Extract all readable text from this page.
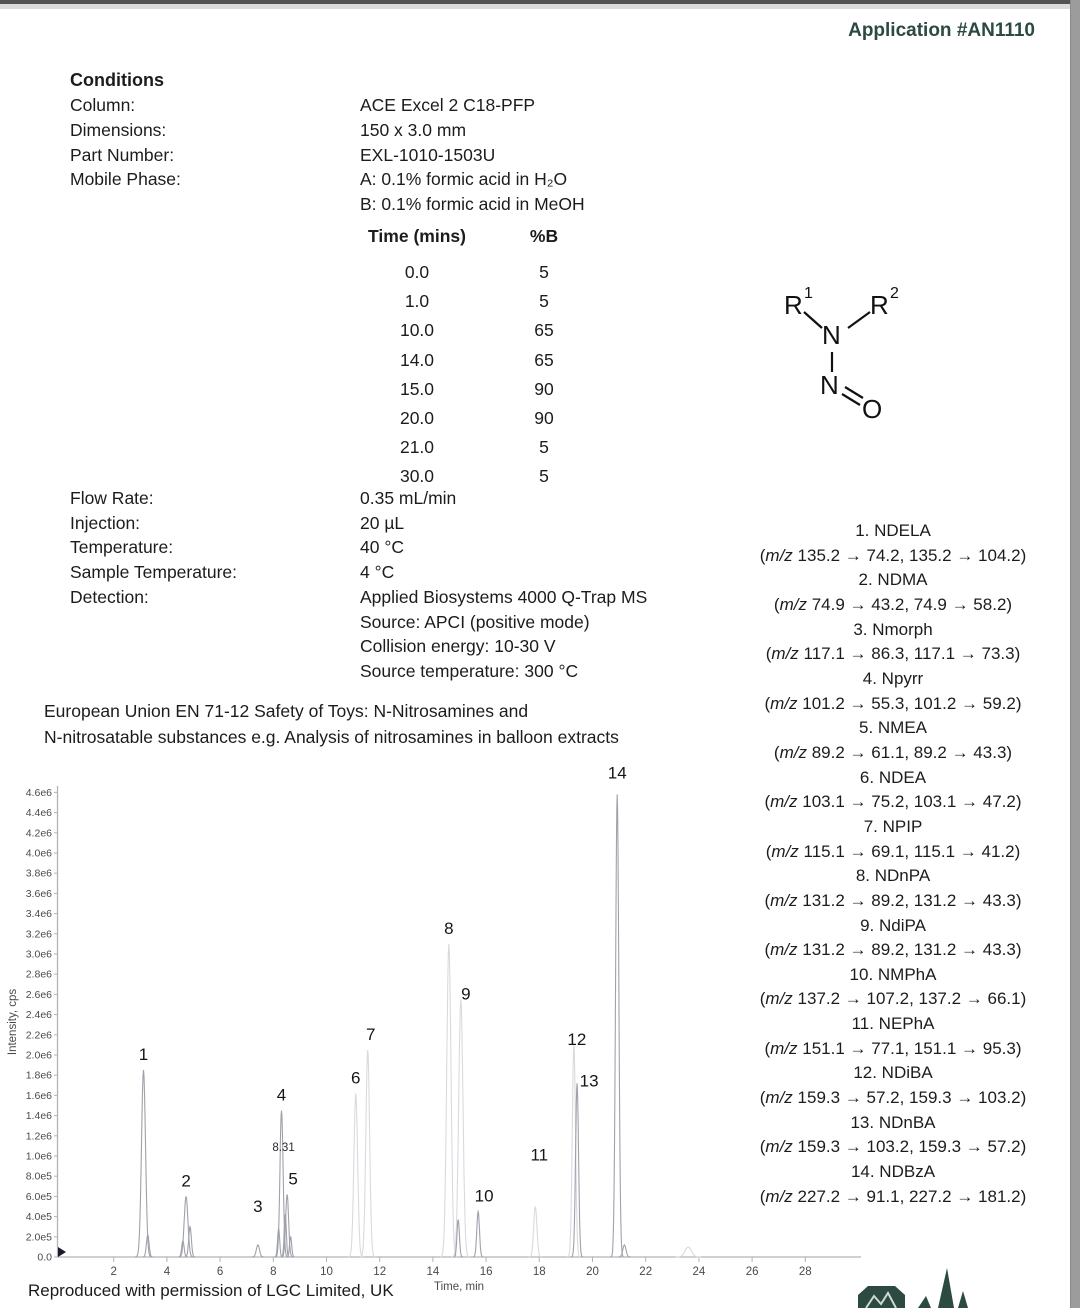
Application #AN1110
Conditions
Column:	ACE Excel 2 C18-PFP
Dimensions:	150 x 3.0 mm
Part Number:	EXL-1010-1503U
Mobile Phase:	A: 0.1% formic acid in H₂O
B: 0.1% formic acid in MeOH
Time (mins)	%B
0.0	5
1.0	5
10.0	65
14.0	65
15.0	90
20.0	90
21.0	5
30.0	5
Flow Rate:	0.35 mL/min
Injection:	20 µL
Temperature:	40 °C
Sample Temperature:	4 °C
Detection:	Applied Biosystems 4000 Q-Trap MS
Source: APCI (positive mode)
Collision energy: 10-30 V
Source temperature: 300 °C
R 1 R 2
N
N
O
European Union EN 71-12 Safety of Toys: N-Nitrosamines and
N-nitrosatable substances e.g. Analysis of nitrosamines in balloon extracts
1. NDELA
(m/z 135.2 → 74.2, 135.2 → 104.2)
2. NDMA
(m/z 74.9 → 43.2, 74.9 → 58.2)
3. Nmorph
(m/z 117.1 → 86.3, 117.1 → 73.3)
4. Npyrr
(m/z 101.2 → 55.3, 101.2 → 59.2)
5. NMEA
(m/z 89.2 → 61.1, 89.2 → 43.3)
6. NDEA
(m/z 103.1 → 75.2, 103.1 → 47.2)
7. NPIP
(m/z 115.1 → 69.1, 115.1 → 41.2)
8. NDnPA
(m/z 131.2 → 89.2, 131.2 → 43.3)
9. NdiPA
(m/z 131.2 → 89.2, 131.2 → 43.3)
10. NMPhA
(m/z 137.2 → 107.2, 137.2 → 66.1)
11. NEPhA
(m/z 151.1 → 77.1, 151.1 → 95.3)
12. NDiBA
(m/z 159.3 → 57.2, 159.3 → 103.2)
13. NDnBA
(m/z 159.3 → 103.2, 159.3 → 57.2)
14. NDBzA
(m/z 227.2 → 91.1, 227.2 → 181.2)
0.0
2.0e5
4.0e5
6.0e5
8.0e5
1.0e6
1.2e6
1.4e6
1.6e6
1.8e6
2.0e6
2.2e6
2.4e6
2.6e6
2.8e6
3.0e6
3.2e6
3.4e6
3.6e6
3.8e6
4.0e6
4.2e6
4.4e6
4.6e6
2	4	6	8	10	12	14	16	18	20	22	24	26	28
Time, min
Intensity, cps	1
2
3
4
5
6
7
8
9
10
11
12
13
14
8.31
Reproduced with permission of LGC Limited, UK
